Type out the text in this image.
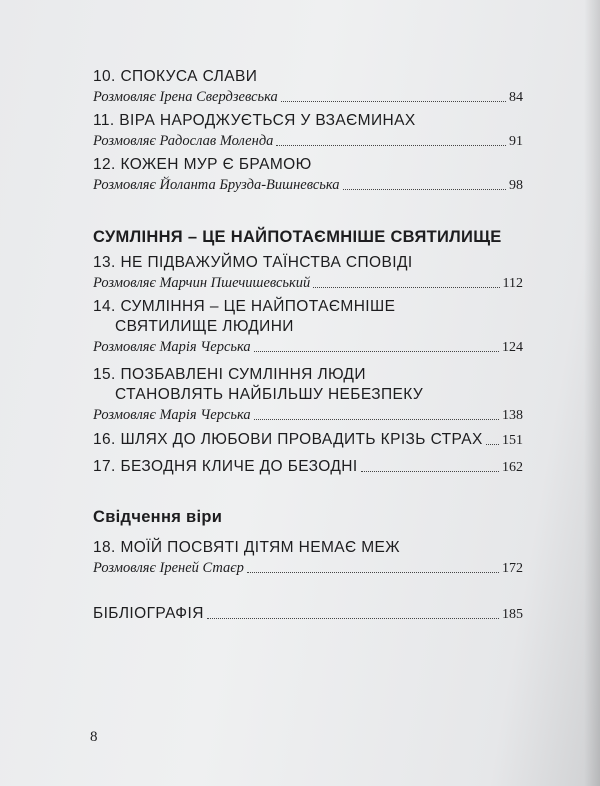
10. СПОКУСА СЛАВИ
Розмовляє Ірена Свердзевська	84
11. ВІРА НАРОДЖУЄТЬСЯ У ВЗАЄМИНАХ
Розмовляє Радослав Моленда	91
12. КОЖЕН МУР Є БРАМОЮ
Розмовляє Йоланта Брузда-Вишневська	98
СУМЛІННЯ – ЦЕ НАЙПОТАЄМНІШЕ СВЯТИЛИЩЕ
13. НЕ ПІДВАЖУЙМО ТАЇНСТВА СПОВІДІ
Розмовляє Марчин Пшечишевський	112
14. СУМЛІННЯ – ЦЕ НАЙПОТАЄМНІШЕ
СВЯТИЛИЩЕ ЛЮДИНИ
Розмовляє Марія Черська	124
15. ПОЗБАВЛЕНІ СУМЛІННЯ ЛЮДИ
СТАНОВЛЯТЬ НАЙБІЛЬШУ НЕБЕЗПЕКУ
Розмовляє Марія Черська	138
16. ШЛЯХ ДО ЛЮБОВИ ПРОВАДИТЬ КРІЗЬ СТРАХ 151
17. БЕЗОДНЯ КЛИЧЕ ДО БЕЗОДНІ	162
Свідчення віри
18. МОЇЙ ПОСВЯТІ ДІТЯМ НЕМАЄ МЕЖ
Розмовляє Іреней Стаєр	172
БІБЛІОГРАФІЯ	185
8
